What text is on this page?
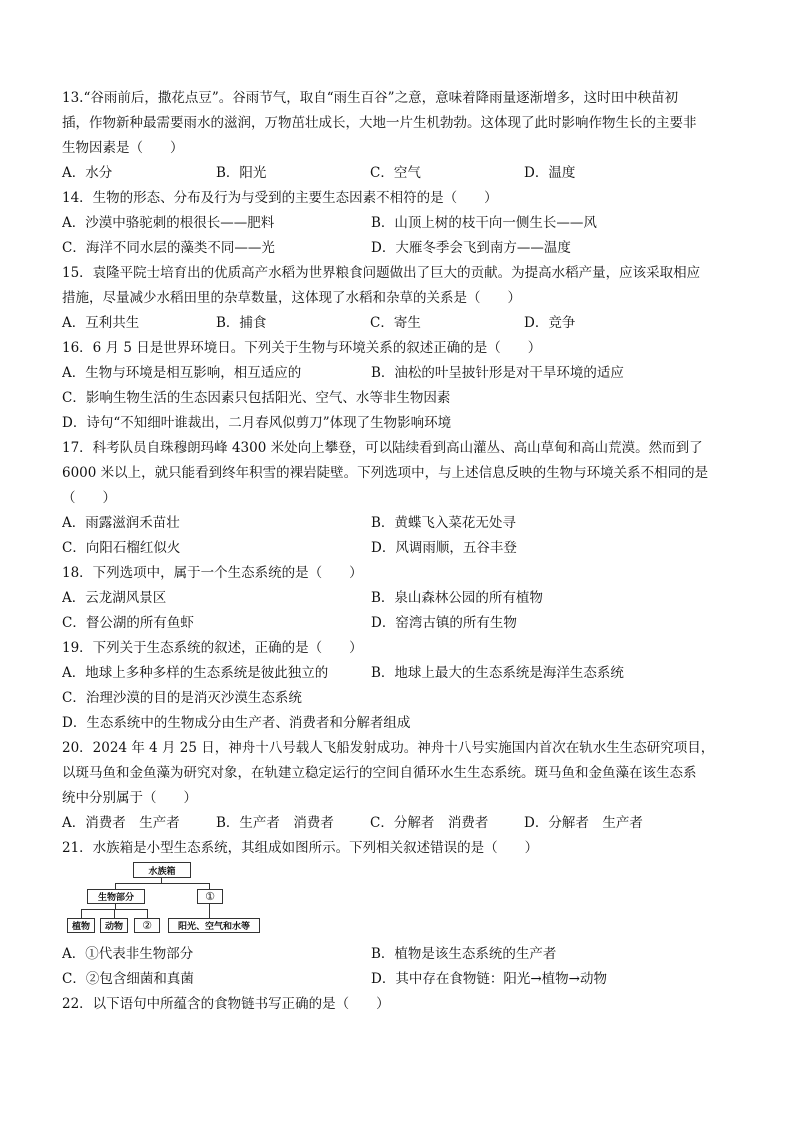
13.“谷雨前后，撒花点豆”。谷雨节气，取自“雨生百谷”之意，意味着降雨量逐渐增多，这时田中秧苗初
插，作物新种最需要雨水的滋润，万物茁壮成长，大地一片生机勃勃。这体现了此时影响作物生长的主要非
生物因素是（　　）
A．水分	B．阳光	C．空气	D．温度
14．生物的形态、分布及行为与受到的主要生态因素不相符的是（　　）
A．沙漠中骆驼刺的根很长——肥料	B．山顶上树的枝干向一侧生长——风
C．海洋不同水层的藻类不同——光	D．大雁冬季会飞到南方——温度
15．袁隆平院士培育出的优质高产水稻为世界粮食问题做出了巨大的贡献。为提高水稻产量，应该采取相应
措施，尽量减少水稻田里的杂草数量，这体现了水稻和杂草的关系是（　　）
A．互利共生	B．捕食	C．寄生	D．竞争
16．6 月 5 日是世界环境日。下列关于生物与环境关系的叙述正确的是（　　）
A．生物与环境是相互影响，相互适应的	B．油松的叶呈披针形是对干旱环境的适应
C．影响生物生活的生态因素只包括阳光、空气、水等非生物因素
D．诗句“不知细叶谁裁出，二月春风似剪刀”体现了生物影响环境
17．科考队员自珠穆朗玛峰 4300 米处向上攀登，可以陆续看到高山灌丛、高山草甸和高山荒漠。然而到了
6000 米以上，就只能看到终年积雪的裸岩陡壁。下列选项中，与上述信息反映的生物与环境关系不相同的是
（　　）
A．雨露滋润禾苗壮	B．黄蝶飞入菜花无处寻
C．向阳石榴红似火	D．风调雨顺，五谷丰登
18．下列选项中，属于一个生态系统的是（　　）
A．云龙湖风景区	B．泉山森林公园的所有植物
C．督公湖的所有鱼虾	D．窑湾古镇的所有生物
19．下列关于生态系统的叙述，正确的是（　　）
A．地球上多种多样的生态系统是彼此独立的	B．地球上最大的生态系统是海洋生态系统
C．治理沙漠的目的是消灭沙漠生态系统
D．生态系统中的生物成分由生产者、消费者和分解者组成
20．2024 年 4 月 25 日，神舟十八号载人飞船发射成功。神舟十八号实施国内首次在轨水生生态研究项目，
以斑马鱼和金鱼藻为研究对象，在轨建立稳定运行的空间自循环水生生态系统。斑马鱼和金鱼藻在该生态系
统中分别属于（　　）
A．消费者　生产者	B．生产者　消费者	C．分解者　消费者	D．分解者　生产者
21．水族箱是小型生态系统，其组成如图所示。下列相关叙述错误的是（　　）
水族箱
生物部分	①
植物	动物	②	阳光、空气和水等
A．①代表非生物部分	B．植物是该生态系统的生产者
C．②包含细菌和真菌	D．其中存在食物链：阳光→植物→动物
22．以下语句中所蕴含的食物链书写正确的是（　　）
